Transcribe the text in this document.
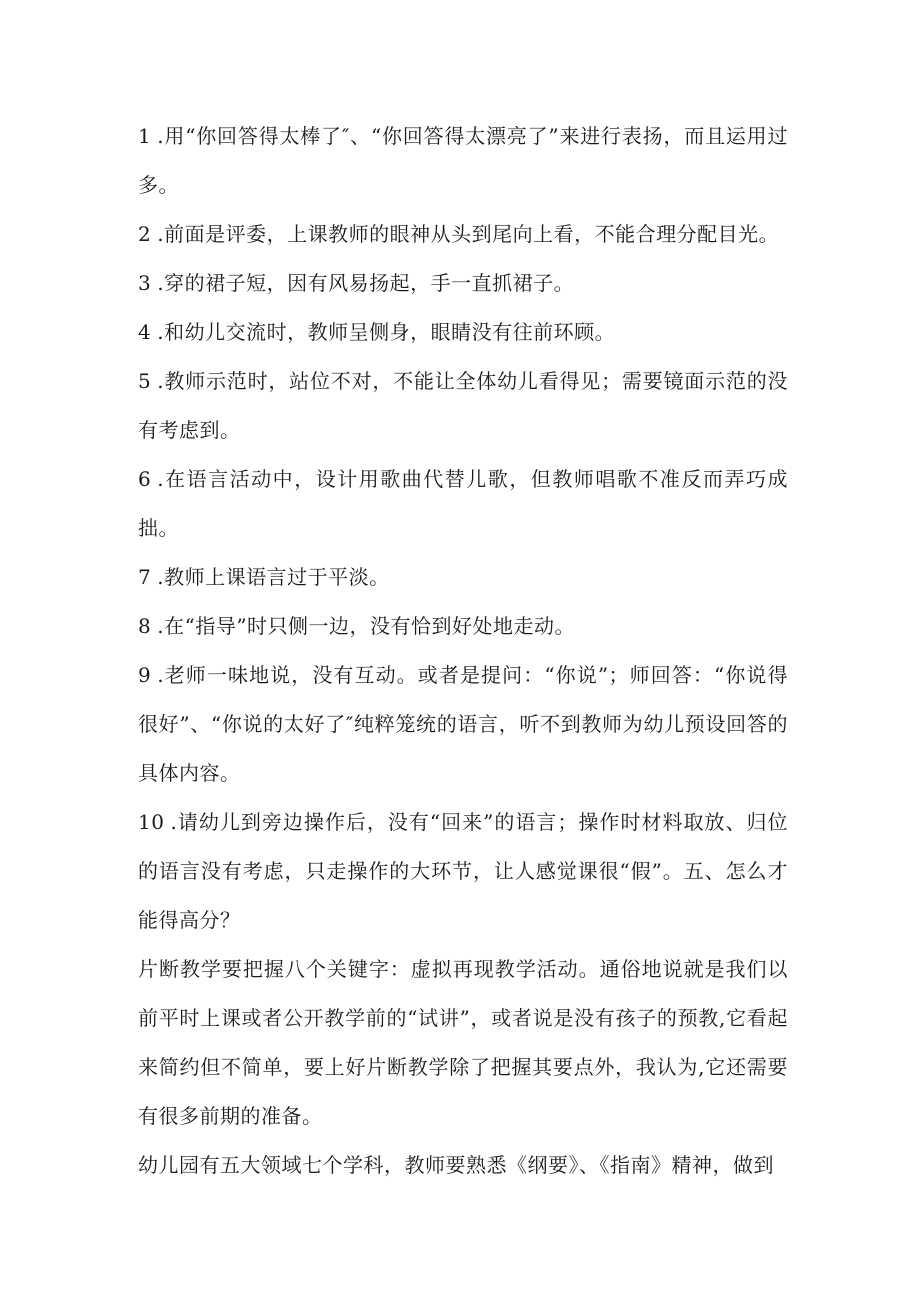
1 .用“你回答得太棒了″、“你回答得太漂亮了”来进行表扬，而且运用过多。

2 .前面是评委，上课教师的眼神从头到尾向上看，不能合理分配目光。

3 .穿的裙子短，因有风易扬起，手一直抓裙子。

4 .和幼儿交流时，教师呈侧身，眼睛没有往前环顾。

5 .教师示范时，站位不对，不能让全体幼儿看得见；需要镜面示范的没有考虑到。

6 .在语言活动中，设计用歌曲代替儿歌，但教师唱歌不准反而弄巧成拙。

7 .教师上课语言过于平淡。

8 .在“指导”时只侧一边，没有恰到好处地走动。

9 .老师一味地说，没有互动。或者是提问：“你说”；师回答：“你说得很好”、“你说的太好了″纯粹笼统的语言，听不到教师为幼儿预设回答的具体内容。

10 .请幼儿到旁边操作后，没有“回来”的语言；操作时材料取放、归位的语言没有考虑，只走操作的大环节，让人感觉课很“假”。五、怎么才能得高分？

片断教学要把握八个关键字：虚拟再现教学活动。通俗地说就是我们以前平时上课或者公开教学前的“试讲”，或者说是没有孩子的预教,它看起来简约但不简单，要上好片断教学除了把握其要点外，我认为,它还需要有很多前期的准备。

幼儿园有五大领域七个学科，教师要熟悉《纲要》、《指南》精神，做到
